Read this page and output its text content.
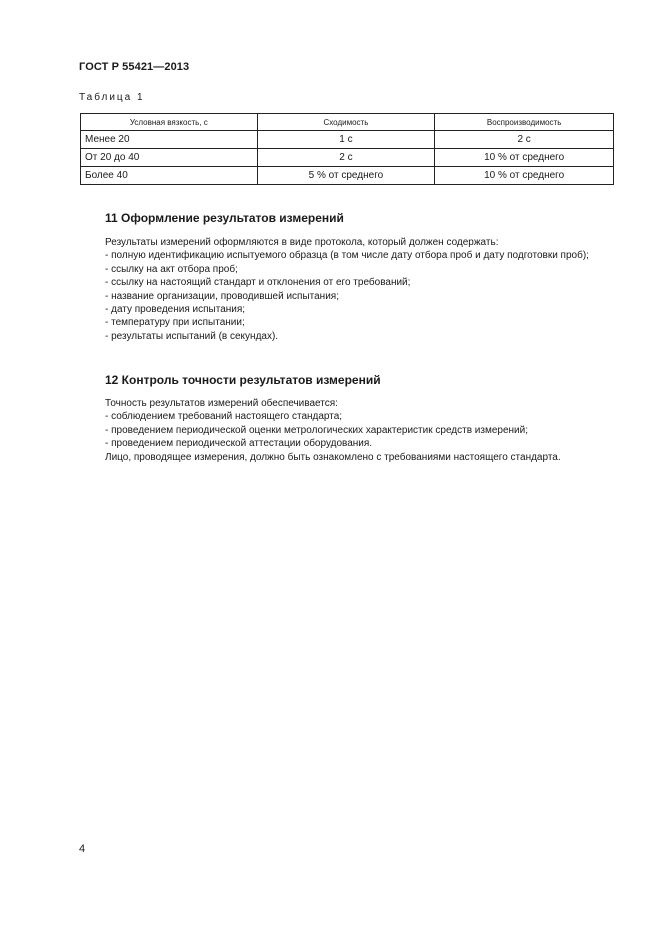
ГОСТ Р 55421—2013
Таблица 1
Условная вязкость, с	Сходимость	Воспроизводимость
Менее 20	1 с	2 с
От 20 до 40	2 с	10 % от среднего
Более 40	5 % от среднего	10 % от среднего
11 Оформление результатов измерений

Результаты измерений оформляются в виде протокола, который должен содержать:

- полную идентификацию испытуемого образца (в том числе дату отбора проб и дату подготовки проб);

- ссылку на акт отбора проб;

- ссылку на настоящий стандарт и отклонения от его требований;

- название организации, проводившей испытания;

- дату проведения испытания;

- температуру при испытании;

- результаты испытаний (в секундах).

12 Контроль точности результатов измерений

Точность результатов измерений обеспечивается:

- соблюдением требований настоящего стандарта;

- проведением периодической оценки метрологических характеристик средств измерений;

- проведением периодической аттестации оборудования.

Лицо, проводящее измерения, должно быть ознакомлено с требованиями настоящего стандарта.

4
